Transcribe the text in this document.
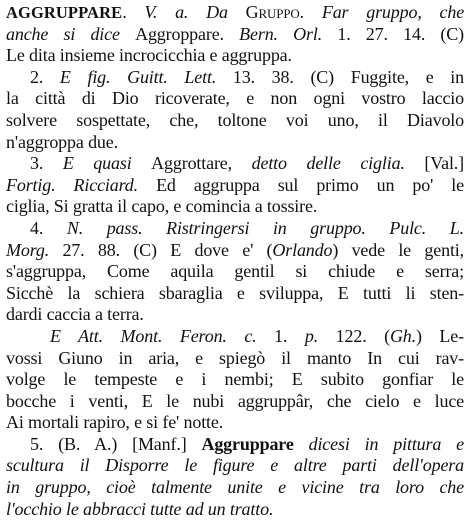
AGGRUPPARE. V. a. Da Gruppo. Far gruppo, che
anche si dice Aggroppare. Bern. Orl. 1. 27. 14. (C)
Le dita insieme incrocicchia e aggruppa.
2. E fig. Guitt. Lett. 13. 38. (C) Fuggite, e in
la città di Dio ricoverate, e non ogni vostro laccio
solvere sospettate, che, toltone voi uno, il Diavolo
n'aggroppa due.
3. E quasi Aggrottare, detto delle ciglia. [Val.]
Fortig. Ricciard. Ed aggruppa sul primo un po' le
ciglia, Si gratta il capo, e comincia a tossire.
4. N. pass. Ristringersi in gruppo. Pulc. L.
Morg. 27. 88. (C) E dove e' (Orlando) vede le genti,
s'aggruppa, Come aquila gentil si chiude e serra;
Sicchè la schiera sbaraglia e sviluppa, E tutti li sten-
dardi caccia a terra.
E Att. Mont. Feron. c. 1. p. 122. (Gh.) Le-
vossi Giuno in aria, e spiegò il manto In cui rav-
volge le tempeste e i nembi; E subito gonfiar le
bocche i venti, E le nubi aggruppâr, che cielo e luce
Ai mortali rapiro, e si fe' notte.
5. (B. A.) [Manf.] Aggruppare dicesi in pittura e
scultura il Disporre le figure e altre parti dell'opera
in gruppo, cioè talmente unite e vicine tra loro che
l'occhio le abbracci tutte ad un tratto.
